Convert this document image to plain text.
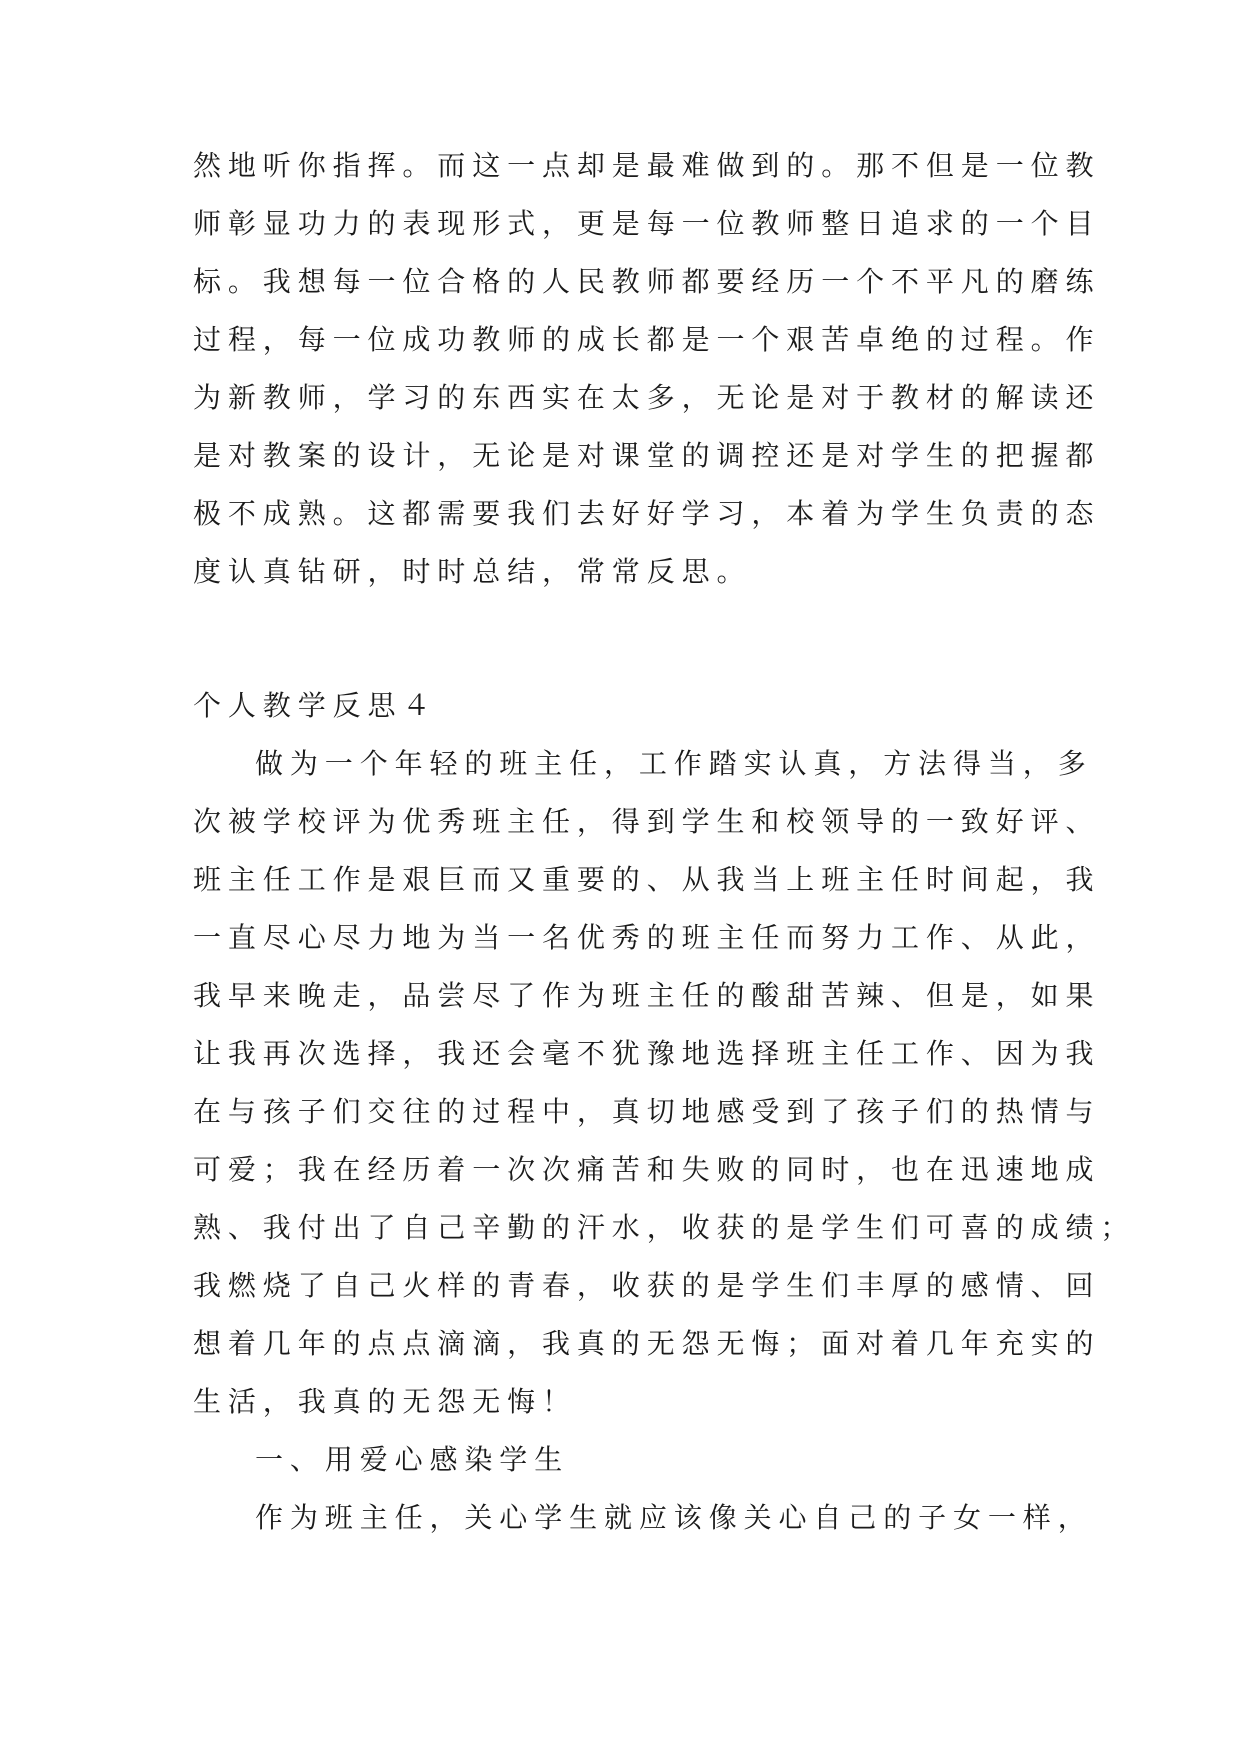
然地听你指挥。而这一点却是最难做到的。那不但是一位教
师彰显功力的表现形式，更是每一位教师整日追求的一个目
标。我想每一位合格的人民教师都要经历一个不平凡的磨练
过程，每一位成功教师的成长都是一个艰苦卓绝的过程。作
为新教师，学习的东西实在太多，无论是对于教材的解读还
是对教案的设计，无论是对课堂的调控还是对学生的把握都
极不成熟。这都需要我们去好好学习，本着为学生负责的态
度认真钻研，时时总结，常常反思。
个人教学反思４
做为一个年轻的班主任，工作踏实认真，方法得当，多
次被学校评为优秀班主任，得到学生和校领导的一致好评、
班主任工作是艰巨而又重要的、从我当上班主任时间起，我
一直尽心尽力地为当一名优秀的班主任而努力工作、从此，
我早来晚走，品尝尽了作为班主任的酸甜苦辣、但是，如果
让我再次选择，我还会毫不犹豫地选择班主任工作、因为我
在与孩子们交往的过程中，真切地感受到了孩子们的热情与
可爱；我在经历着一次次痛苦和失败的同时，也在迅速地成
熟、我付出了自己辛勤的汗水，收获的是学生们可喜的成绩；
我燃烧了自己火样的青春，收获的是学生们丰厚的感情、回
想着几年的点点滴滴，我真的无怨无悔；面对着几年充实的
生活，我真的无怨无悔！
一、用爱心感染学生
作为班主任，关心学生就应该像关心自己的子女一样，
